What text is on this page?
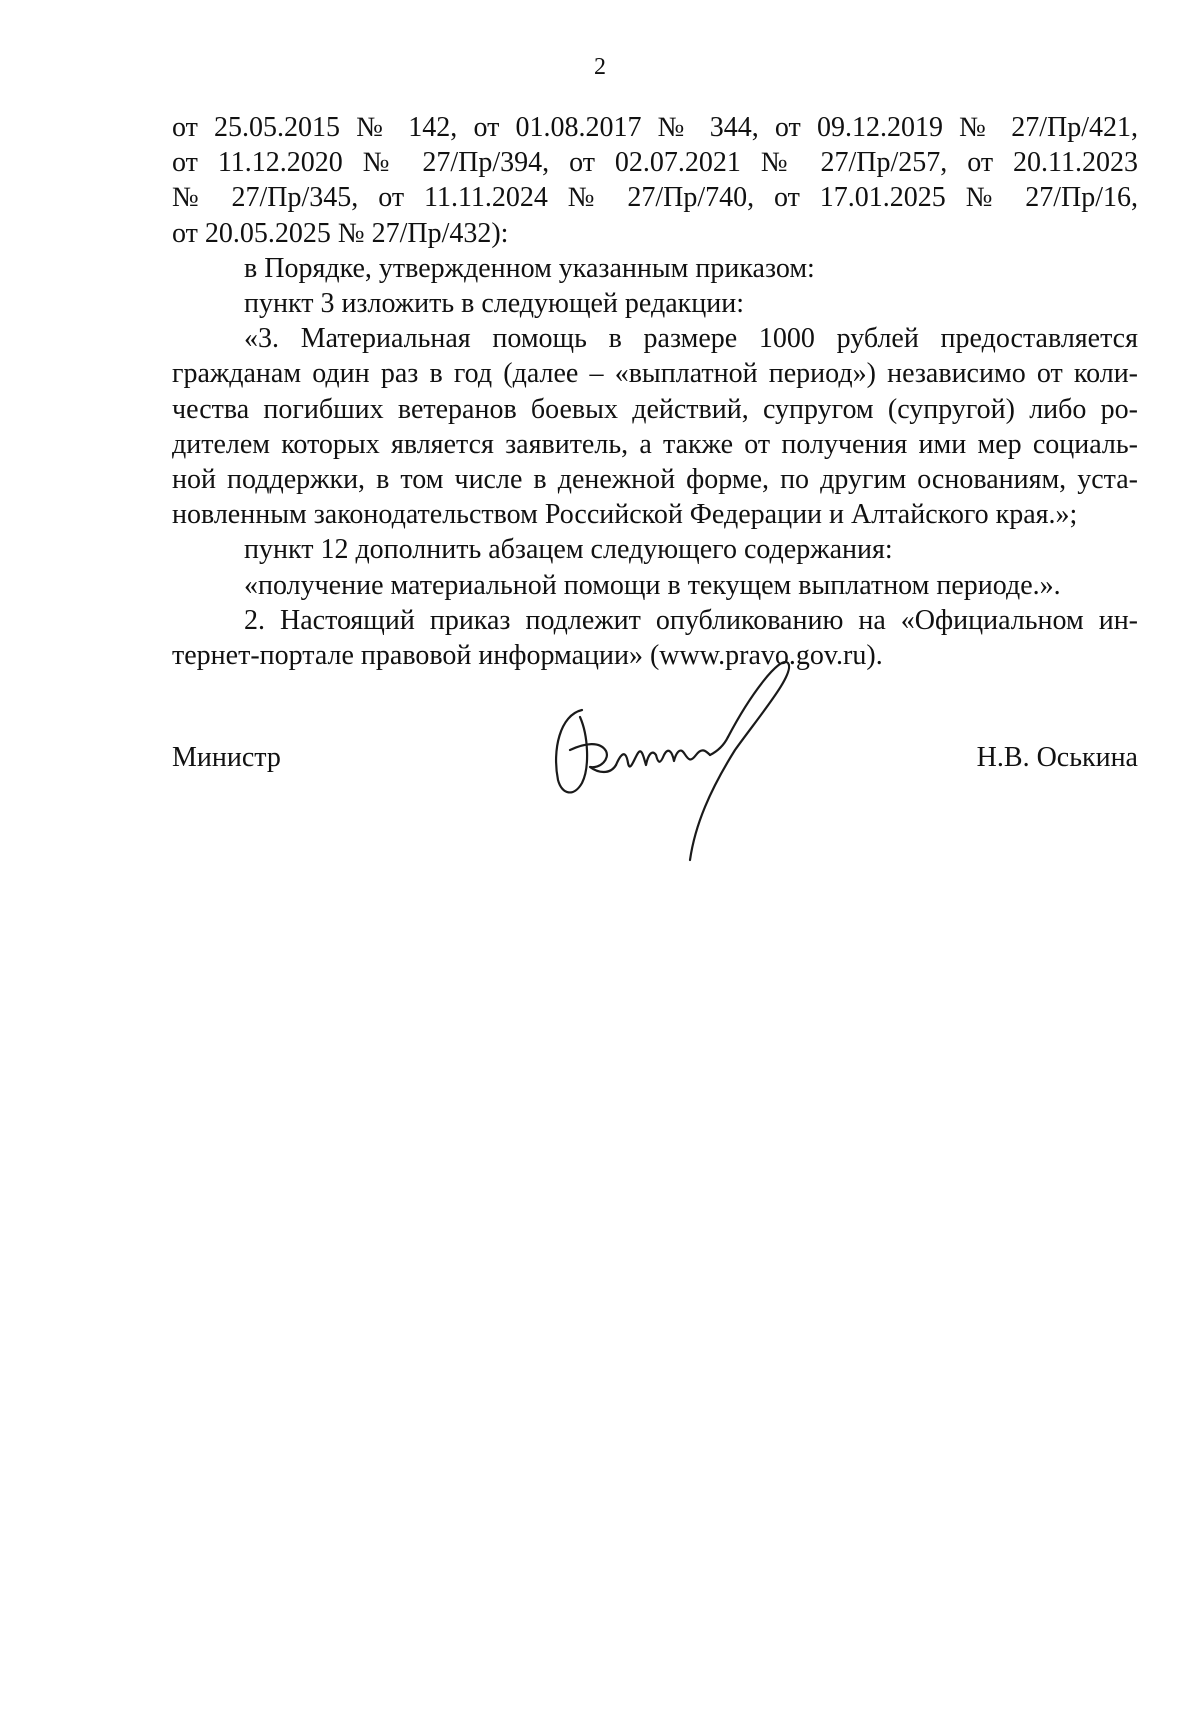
2
от 25.05.2015 № 142, от 01.08.2017 № 344, от 09.12.2019 № 27/Пр/421,
от 11.12.2020 № 27/Пр/394, от 02.07.2021 № 27/Пр/257, от 20.11.2023
№ 27/Пр/345, от 11.11.2024 № 27/Пр/740, от 17.01.2025 № 27/Пр/16,
от 20.05.2025 № 27/Пр/432):
в Порядке, утвержденном указанным приказом:
пункт 3 изложить в следующей редакции:
«3. Материальная помощь в размере 1000 рублей предоставляется
гражданам один раз в год (далее – «выплатной период») независимо от коли-
чества погибших ветеранов боевых действий, супругом (супругой) либо ро-
дителем которых является заявитель, а также от получения ими мер социаль-
ной поддержки, в том числе в денежной форме, по другим основаниям, уста-
новленным законодательством Российской Федерации и Алтайского края.»;
пункт 12 дополнить абзацем следующего содержания:
«получение материальной помощи в текущем выплатном периоде.».
2. Настоящий приказ подлежит опубликованию на «Официальном ин-
тернет-портале правовой информации» (www.pravo.gov.ru).
Министр	Н.В. Оськина
